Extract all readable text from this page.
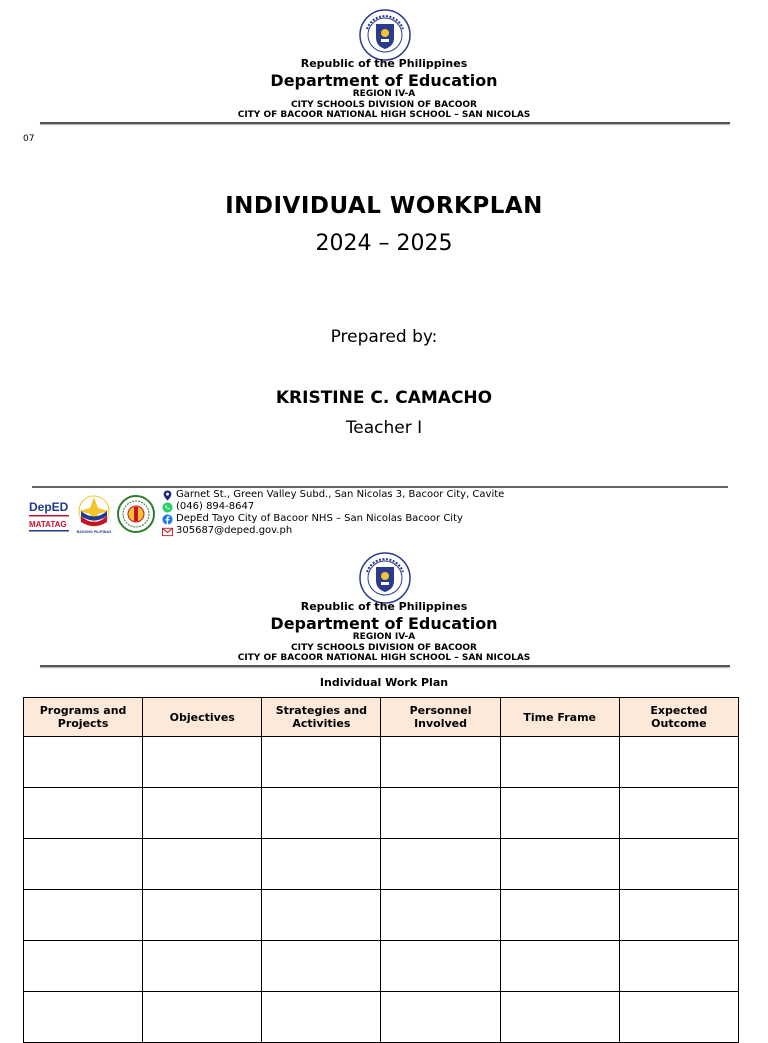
Republic of the Philippines
Department of Education
REGION IV-A
CITY SCHOOLS DIVISION OF BACOOR
CITY OF BACOOR NATIONAL HIGH SCHOOL – SAN NICOLAS
07
INDIVIDUAL WORKPLAN
2024 – 2025
Prepared by:
KRISTINE C. CAMACHO
Teacher I
DepED
MATATAG
BAGONG PILIPINAS
Garnet St., Green Valley Subd., San Nicolas 3, Bacoor City, Cavite
(046) 894-8647
DepEd Tayo City of Bacoor NHS – San Nicolas Bacoor City
305687@deped.gov.ph
Republic of the Philippines
Department of Education
REGION IV-A
CITY SCHOOLS DIVISION OF BACOOR
CITY OF BACOOR NATIONAL HIGH SCHOOL – SAN NICOLAS
Individual Work Plan
Programs and Projects	Objectives	Strategies and Activities	Personnel Involved	Time Frame	Expected Outcome
